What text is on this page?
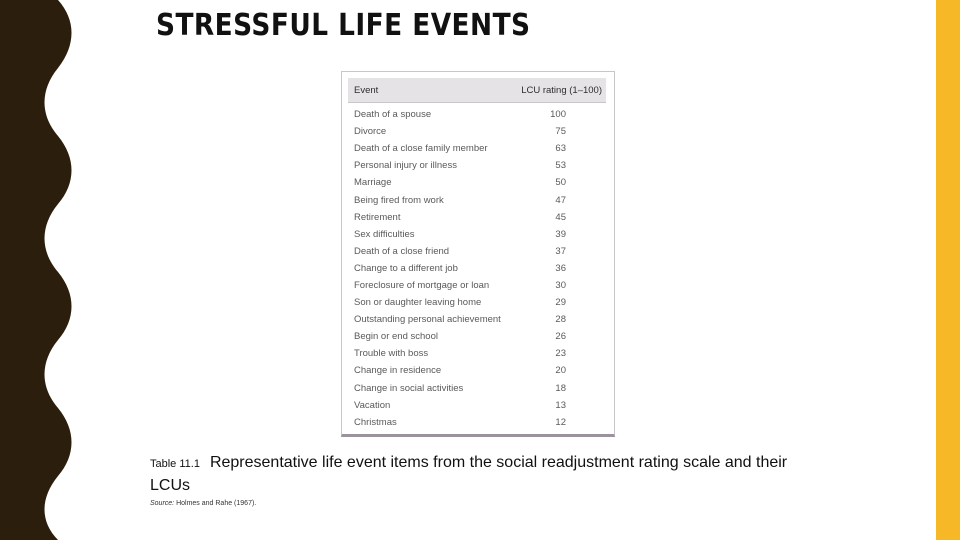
STRESSFUL LIFE EVENTS
Event	LCU rating (1–100)
Death of a spouse	100
Divorce	75
Death of a close family member	63
Personal injury or illness	53
Marriage	50
Being fired from work	47
Retirement	45
Sex difficulties	39
Death of a close friend	37
Change to a different job	36
Foreclosure of mortgage or loan	30
Son or daughter leaving home	29
Outstanding personal achievement	28
Begin or end school	26
Trouble with boss	23
Change in residence	20
Change in social activities	18
Vacation	13
Christmas	12

Table 11.1 Representative life event items from the social readjustment rating scale and their LCUs

Source: Holmes and Rahe (1967).
